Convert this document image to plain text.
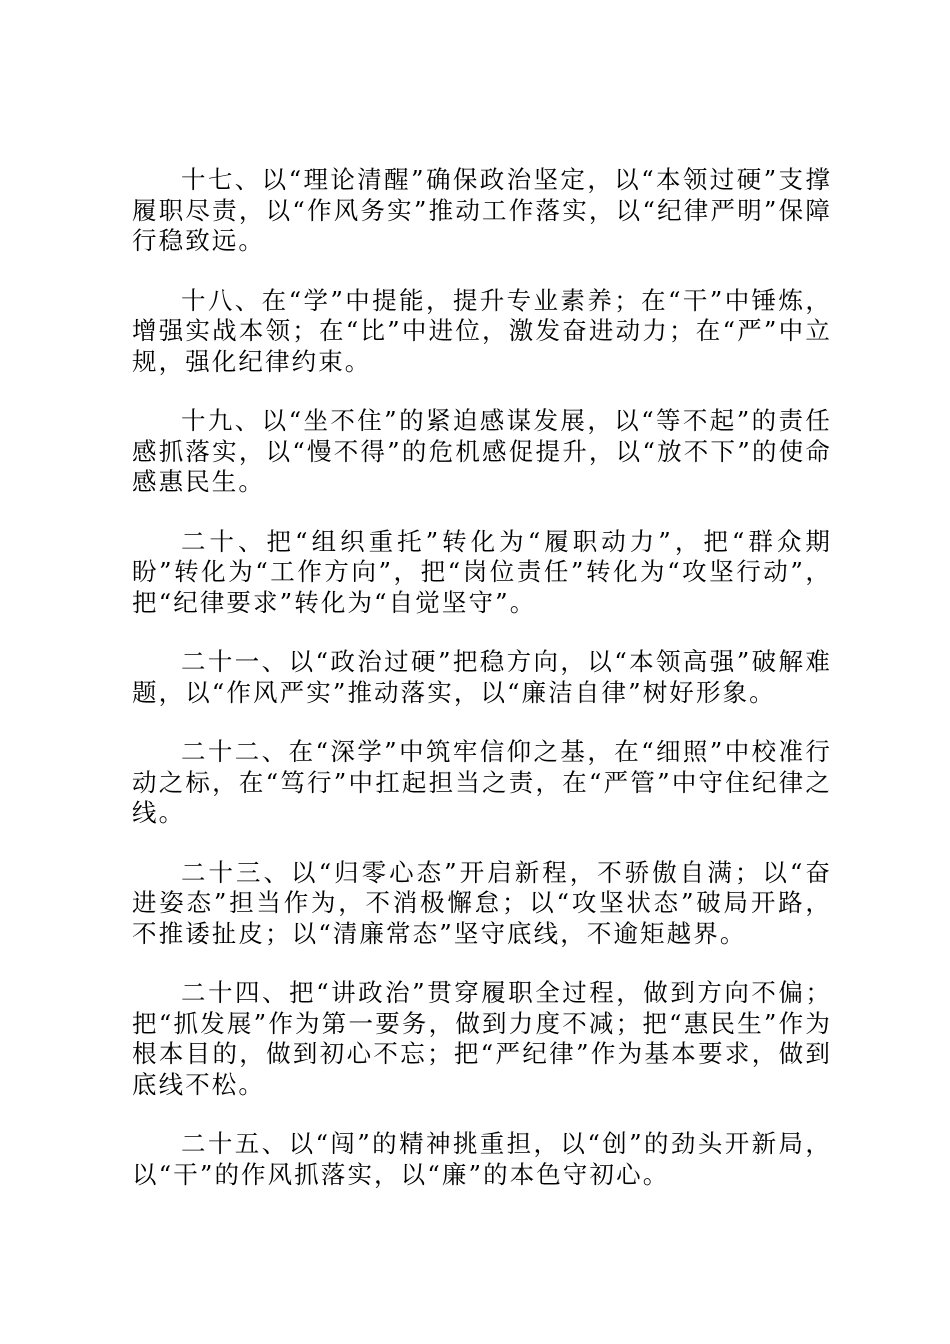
十七、以“理论清醒”确保政治坚定，以“本领过硬”支撑履职尽责，以“作风务实”推动工作落实，以“纪律严明”保障行稳致远。

十八、在“学”中提能，提升专业素养；在“干”中锤炼，增强实战本领；在“比”中进位，激发奋进动力；在“严”中立规，强化纪律约束。

十九、以“坐不住”的紧迫感谋发展，以“等不起”的责任感抓落实，以“慢不得”的危机感促提升，以“放不下”的使命感惠民生。

二十、把“组织重托”转化为“履职动力”，把“群众期盼”转化为“工作方向”，把“岗位责任”转化为“攻坚行动”，把“纪律要求”转化为“自觉坚守”。

二十一、以“政治过硬”把稳方向，以“本领高强”破解难题，以“作风严实”推动落实，以“廉洁自律”树好形象。

二十二、在“深学”中筑牢信仰之基，在“细照”中校准行动之标，在“笃行”中扛起担当之责，在“严管”中守住纪律之线。

二十三、以“归零心态”开启新程，不骄傲自满；以“奋进姿态”担当作为，不消极懈怠；以“攻坚状态”破局开路，不推诿扯皮；以“清廉常态”坚守底线，不逾矩越界。

二十四、把“讲政治”贯穿履职全过程，做到方向不偏；把“抓发展”作为第一要务，做到力度不减；把“惠民生”作为根本目的，做到初心不忘；把“严纪律”作为基本要求，做到底线不松。

二十五、以“闯”的精神挑重担，以“创”的劲头开新局，以“干”的作风抓落实，以“廉”的本色守初心。
